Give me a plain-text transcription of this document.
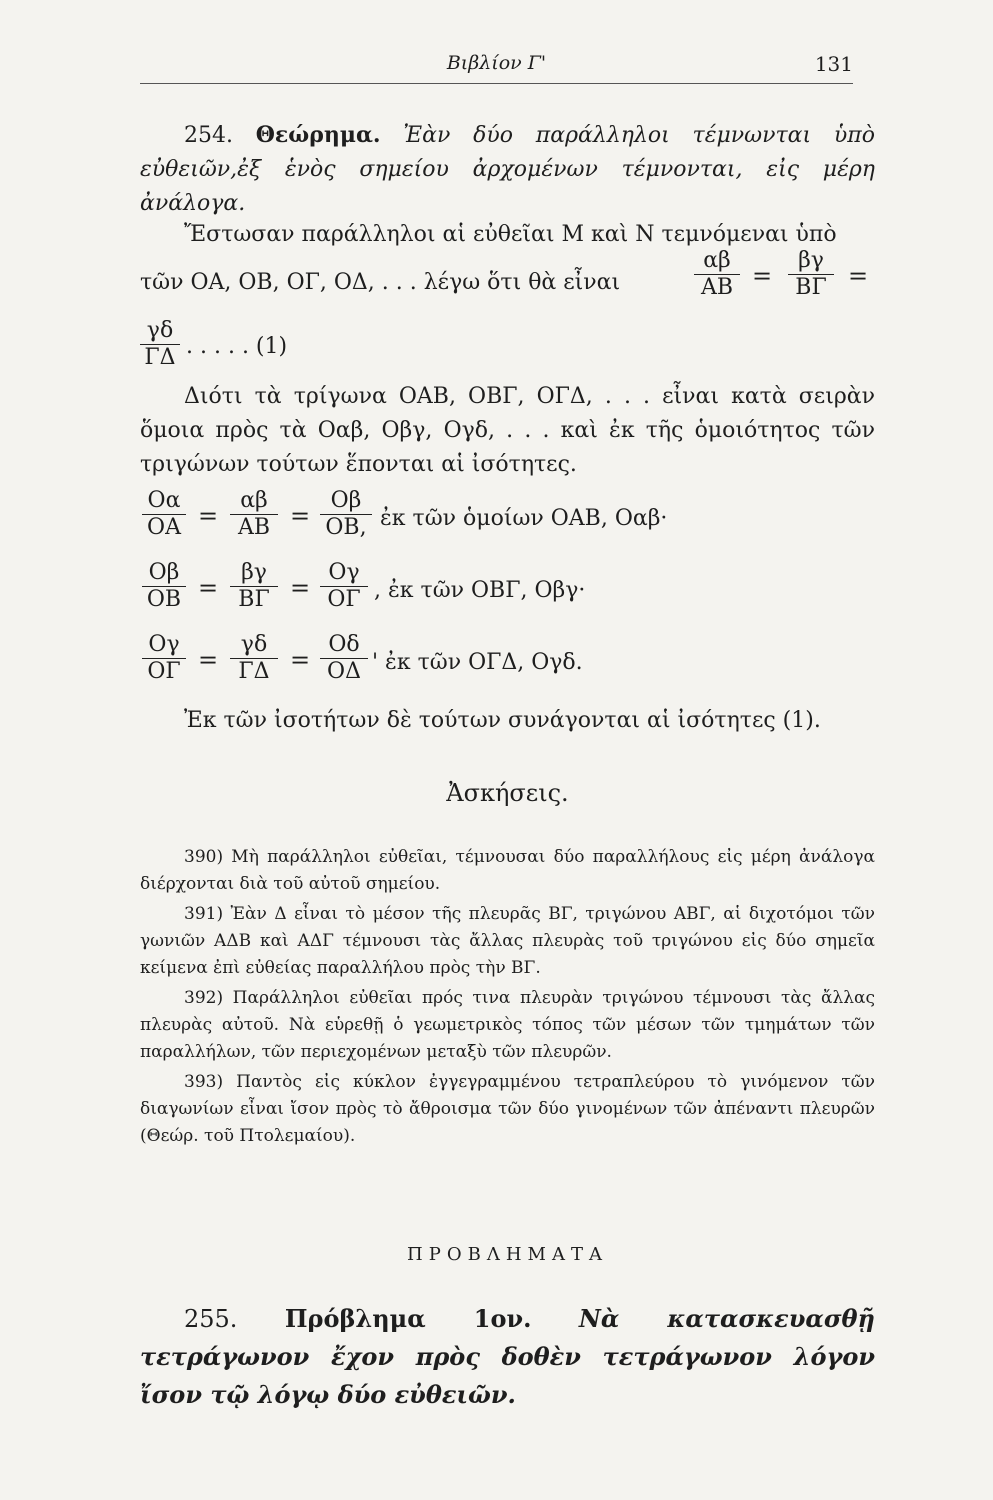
Βιβλίον Γ'	131
254. Θεώρημα. Ἐὰν δύο παράλληλοι τέμνωνται ὑπὸ εὐθειῶν,ἐξ ἑνὸς σημείου ἀρχομένων τέμνονται, εἰς μέρη ἀνάλογα.
Ἔστωσαν παράλληλοι αἱ εὐθεῖαι Μ καὶ Ν τεμνόμεναι ὑπὸ
τῶν ΟΑ, ΟΒ, ΟΓ, ΟΔ, . . . λέγω ὅτι θὰ εἶναι
αβ
ΑΒ =
βγ
ΒΓ =
γδ
ΓΔ . . . . . (1)
Διότι τὰ τρίγωνα ΟΑΒ, ΟΒΓ, ΟΓΔ, . . . εἶναι κατὰ σειρὰν ὅμοια πρὸς τὰ Οαβ, Οβγ, Ογδ, . . . καὶ ἐκ τῆς ὁμοιότητος τῶν τριγώνων τούτων ἕπονται αἱ ἰσότητες.
Οα
ΟΑ =
αβ
ΑΒ =
Οβ
ΟΒ, ἐκ τῶν ὁμοίων ΟΑΒ, Οαβ·
Οβ
ΟΒ =
βγ
ΒΓ =
Ογ
ΟΓ , ἐκ τῶν ΟΒΓ, Οβγ·
Ογ
ΟΓ =
γδ
ΓΔ =
Οδ
ΟΔ ' ἐκ τῶν ΟΓΔ, Ογδ.
Ἐκ τῶν ἰσοτήτων δὲ τούτων συνάγονται αἱ ἰσότητες (1).
Ἀσκήσεις.
390) Μὴ παράλληλοι εὐθεῖαι, τέμνουσαι δύο παραλλήλους εἰς μέρη ἀνάλογα διέρχονται διὰ τοῦ αὐτοῦ σημείου.
391) Ἐὰν Δ εἶναι τὸ μέσον τῆς πλευρᾶς ΒΓ, τριγώνου ΑΒΓ, αἱ διχοτόμοι τῶν γωνιῶν ΑΔΒ καὶ ΑΔΓ τέμνουσι τὰς ἄλλας πλευρὰς τοῦ τριγώνου εἰς δύο σημεῖα κείμενα ἐπὶ εὐθείας παραλλήλου πρὸς τὴν ΒΓ.
392) Παράλληλοι εὐθεῖαι πρός τινα πλευρὰν τριγώνου τέμνουσι τὰς ἄλλας πλευρὰς αὐτοῦ. Νὰ εὑρεθῇ ὁ γεωμετρικὸς τόπος τῶν μέσων τῶν τμημάτων τῶν παραλλήλων, τῶν περιεχομένων μεταξὺ τῶν πλευρῶν.
393) Παντὸς εἰς κύκλον ἐγγεγραμμένου τετραπλεύρου τὸ γινόμενον τῶν διαγωνίων εἶναι ἴσον πρὸς τὸ ἄθροισμα τῶν δύο γινομένων τῶν ἀπέναντι πλευρῶν (Θεώρ. τοῦ Πτολεμαίου).
ΠΡΟΒΛΗΜΑΤΑ
255. Πρόβλημα 1ον. Νὰ κατασκευασθῇ τετράγωνον ἔχον πρὸς δοθὲν τετράγωνον λόγον ἴσον τῷ λόγῳ δύο εὐθειῶν.
